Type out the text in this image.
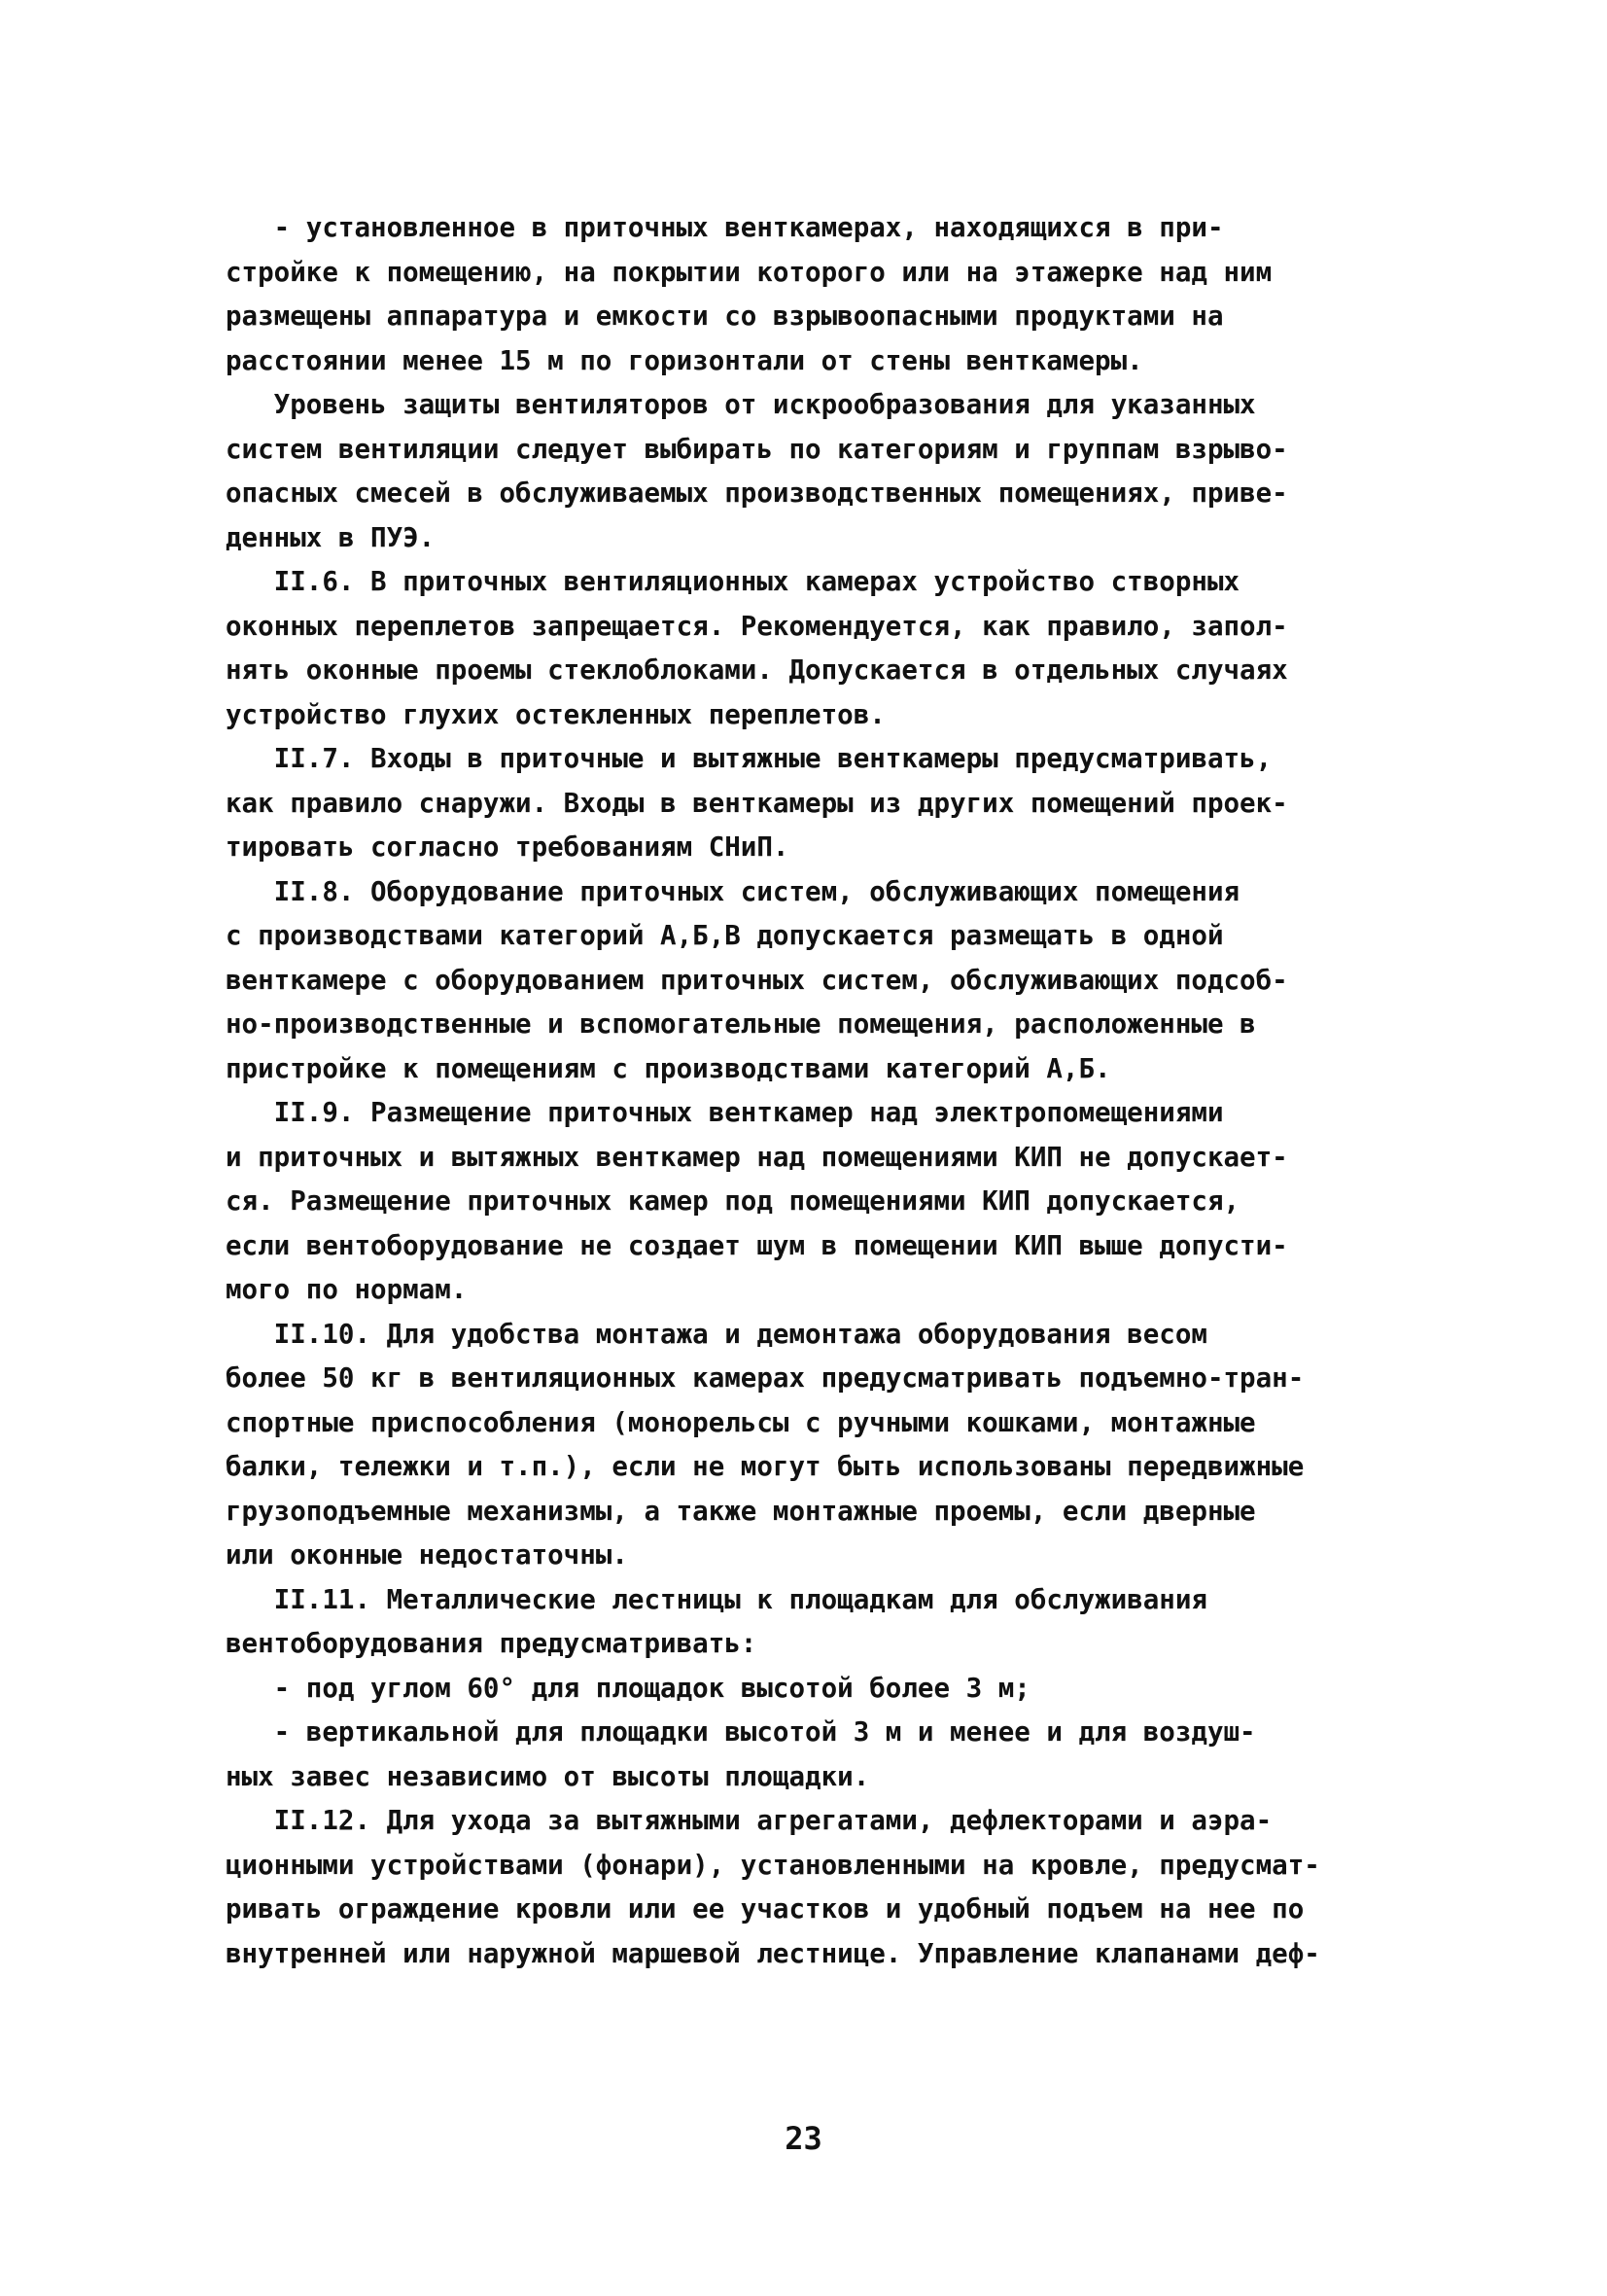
- установленное в приточных венткамерах, находящихся в при-
стройке к помещению, на покрытии которого или на этажерке над ним
размещены аппаратура и емкости со взрывоопасными продуктами на
расстоянии менее 15 м по горизонтали от стены венткамеры.
Уровень защиты вентиляторов от искрообразования для указанных
систем вентиляции следует выбирать по категориям и группам взрыво-
опасных смесей в обслуживаемых производственных помещениях, приве-
денных в ПУЭ.
II.6. В приточных вентиляционных камерах устройство створных
оконных переплетов запрещается. Рекомендуется, как правило, запол-
нять оконные проемы стеклоблоками. Допускается в отдельных случаях
устройство глухих остекленных переплетов.
II.7. Входы в приточные и вытяжные венткамеры предусматривать,
как правило снаружи. Входы в венткамеры из других помещений проек-
тировать согласно требованиям СНиП.
II.8. Оборудование приточных систем, обслуживающих помещения
с производствами категорий А,Б,В допускается размещать в одной
венткамере с оборудованием приточных систем, обслуживающих подсоб-
но-производственные и вспомогательные помещения, расположенные в
пристройке к помещениям с производствами категорий А,Б.
II.9. Размещение приточных венткамер над электропомещениями
и приточных и вытяжных венткамер над помещениями КИП не допускает-
ся. Размещение приточных камер под помещениями КИП допускается,
если вентоборудование не создает шум в помещении КИП выше допусти-
мого по нормам.
II.10. Для удобства монтажа и демонтажа оборудования весом
более 50 кг в вентиляционных камерах предусматривать подъемно-тран-
спортные приспособления (монорельсы с ручными кошками, монтажные
балки, тележки и т.п.), если не могут быть использованы передвижные
грузоподъемные механизмы, а также монтажные проемы, если дверные
или оконные недостаточны.
II.11. Металлические лестницы к площадкам для обслуживания
вентоборудования предусматривать:
- под углом 60° для площадок высотой более 3 м;
- вертикальной для площадки высотой 3 м и менее и для воздуш-
ных завес независимо от высоты площадки.
II.12. Для ухода за вытяжными агрегатами, дефлекторами и аэра-
ционными устройствами (фонари), установленными на кровле, предусмат-
ривать ограждение кровли или ее участков и удобный подъем на нее по
внутренней или наружной маршевой лестнице. Управление клапанами деф-

23
